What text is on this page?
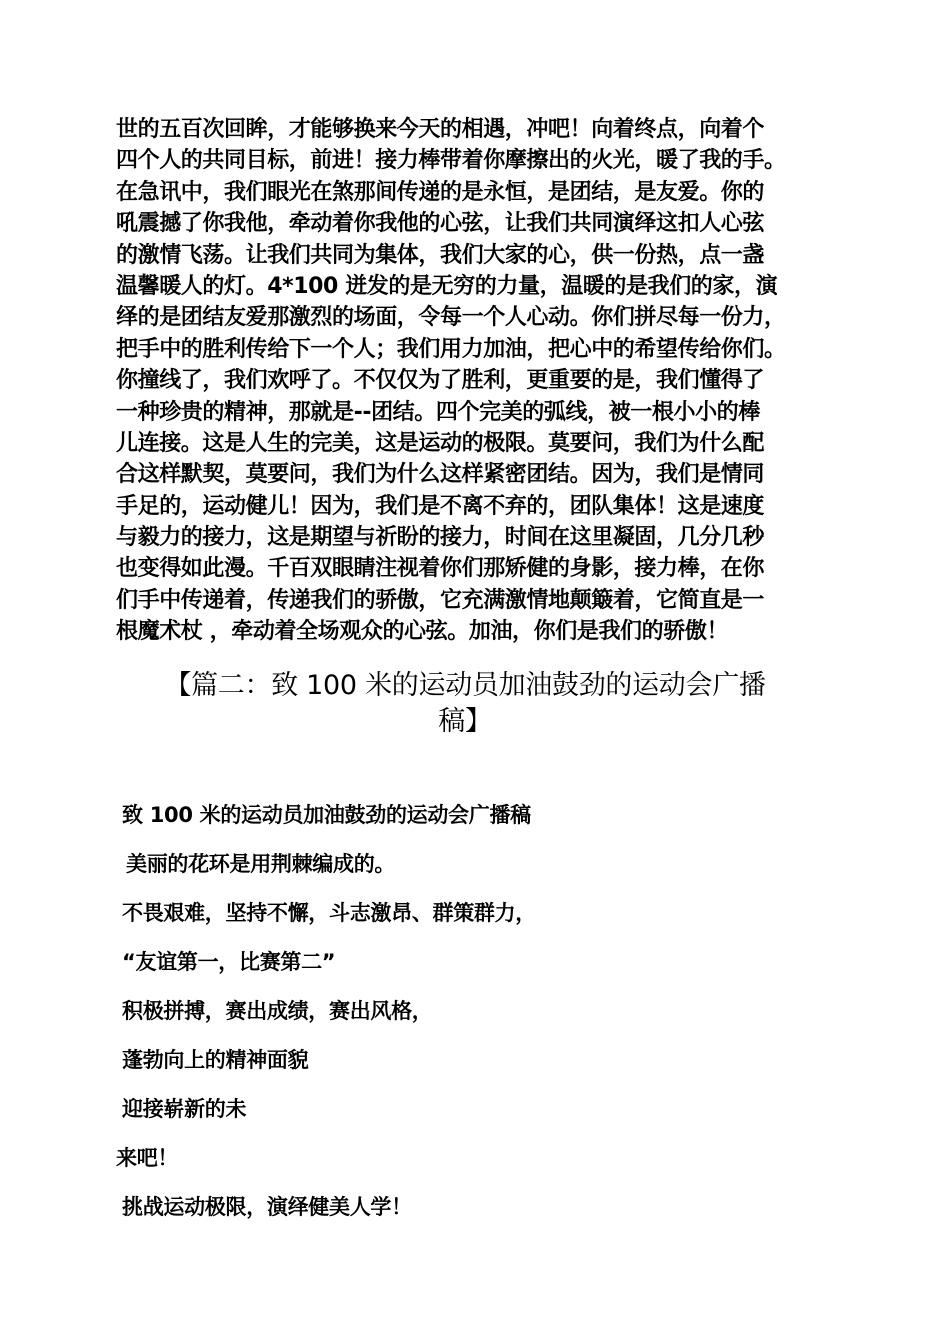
世的五百次回眸，才能够换来今天的相遇，冲吧！向着终点，向着个
四个人的共同目标，前进！接力棒带着你摩擦出的火光，暖了我的手。
在急讯中，我们眼光在煞那间传递的是永恒，是团结，是友爱。你的
吼震撼了你我他，牵动着你我他的心弦，让我们共同演绎这扣人心弦
的激情飞荡。让我们共同为集体，我们大家的心，供一份热，点一盏
温馨暖人的灯。4*100 迸发的是无穷的力量，温暖的是我们的家，演
绎的是团结友爱那激烈的场面，令每一个人心动。你们拼尽每一份力，
把手中的胜利传给下一个人；我们用力加油，把心中的希望传给你们。
你撞线了，我们欢呼了。不仅仅为了胜利，更重要的是，我们懂得了
一种珍贵的精神，那就是--团结。四个完美的弧线，被一根小小的棒
儿连接。这是人生的完美，这是运动的极限。莫要问，我们为什么配
合这样默契，莫要问，我们为什么这样紧密团结。因为，我们是情同
手足的，运动健儿！因为，我们是不离不弃的，团队集体！这是速度
与毅力的接力，这是期望与祈盼的接力，时间在这里凝固，几分几秒
也变得如此漫。千百双眼睛注视着你们那矫健的身影，接力棒，在你
们手中传递着，传递我们的骄傲，它充满激情地颠簸着，它简直是一
根魔术杖 ，牵动着全场观众的心弦。加油，你们是我们的骄傲！
【篇二：致 100 米的运动员加油鼓劲的运动会广播
稿】
致 100 米的运动员加油鼓劲的运动会广播稿
美丽的花环是用荆棘编成的。
不畏艰难，坚持不懈，斗志激昂、群策群力，
“友谊第一，比赛第二”
积极拼搏，赛出成绩，赛出风格，
蓬勃向上的精神面貌
迎接崭新的未
来吧！
挑战运动极限，演绎健美人学！
